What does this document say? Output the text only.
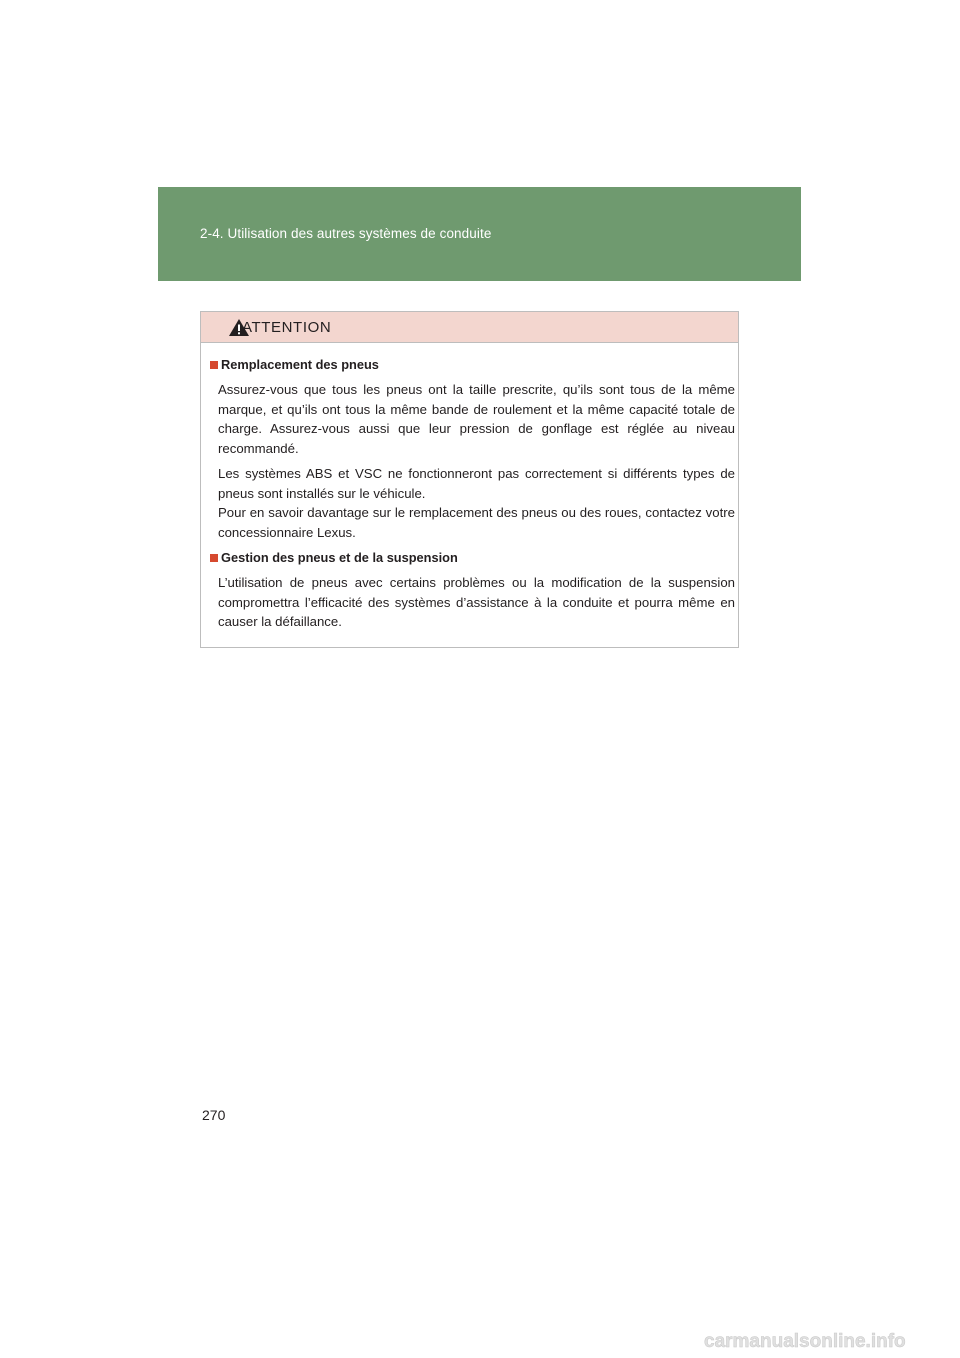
2-4. Utilisation des autres systèmes de conduite
ATTENTION
Remplacement des pneus

Assurez-vous que tous les pneus ont la taille prescrite, qu’ils sont tous de la même marque, et qu’ils ont tous la même bande de roulement et la même capacité totale de charge. Assurez-vous aussi que leur pression de gonflage est réglée au niveau recommandé.

Les systèmes ABS et VSC ne fonctionneront pas correctement si différents types de pneus sont installés sur le véhicule.

Pour en savoir davantage sur le remplacement des pneus ou des roues, contactez votre concessionnaire Lexus.

Gestion des pneus et de la suspension

L’utilisation de pneus avec certains problèmes ou la modification de la suspension compromettra l’efficacité des systèmes d’assistance à la conduite et pourra même en causer la défaillance.

270
carmanualsonline.info
